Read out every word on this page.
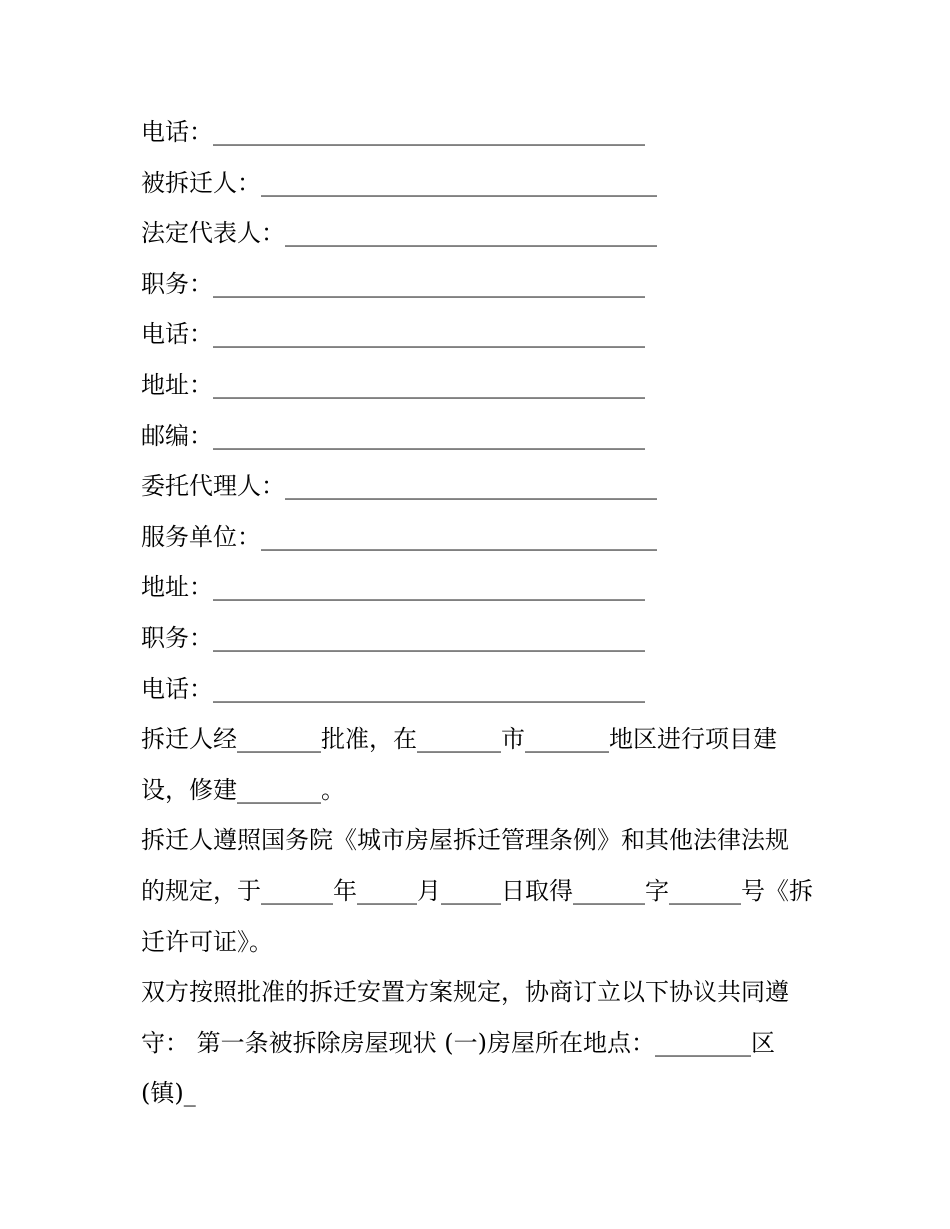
电话：____________________________________
被拆迁人：_________________________________
法定代表人：_______________________________
职务：____________________________________
电话：____________________________________
地址：____________________________________
邮编：____________________________________
委托代理人：_______________________________
服务单位：_________________________________
地址：____________________________________
职务：____________________________________
电话：____________________________________
拆迁人经_______批准，在_______市_______地区进行项目建
设，修建_______。
拆迁人遵照国务院《城市房屋拆迁管理条例》和其他法律法规
的规定，于______年_____月_____日取得______字______号《拆
迁许可证》。
双方按照批准的拆迁安置方案规定，协商订立以下协议共同遵
守： 第一条被拆除房屋现状 (一)房屋所在地点：________区
(镇)_
